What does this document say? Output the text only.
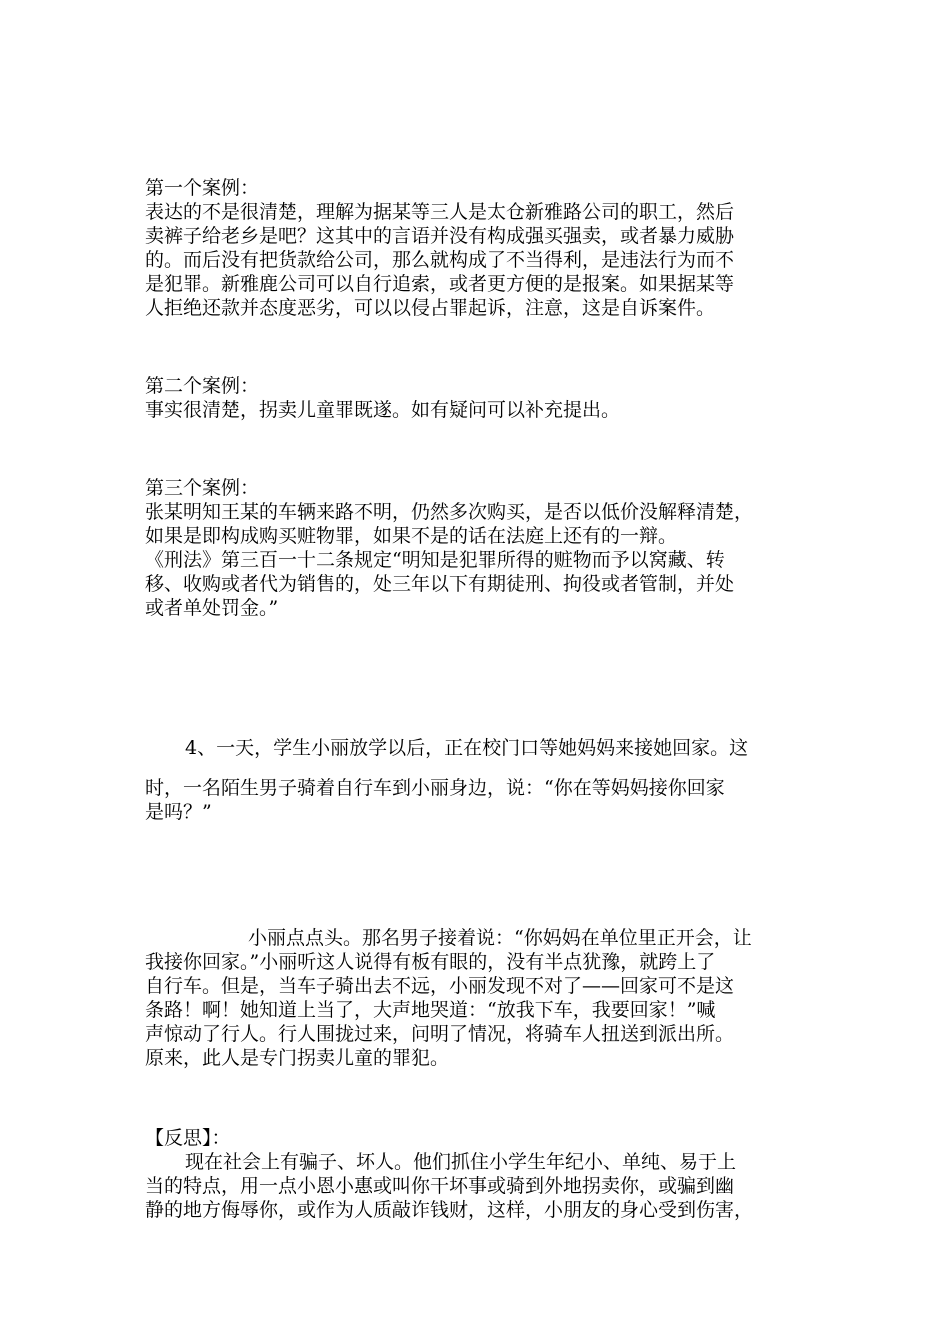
第一个案例：
表达的不是很清楚，理解为据某等三人是太仓新雅路公司的职工，然后
卖裤子给老乡是吧？这其中的言语并没有构成强买强卖，或者暴力威胁
的。而后没有把货款给公司，那么就构成了不当得利，是违法行为而不
是犯罪。新雅鹿公司可以自行追索，或者更方便的是报案。如果据某等
人拒绝还款并态度恶劣，可以以侵占罪起诉，注意，这是自诉案件。
第二个案例：
事实很清楚，拐卖儿童罪既遂。如有疑问可以补充提出。
第三个案例：
张某明知王某的车辆来路不明，仍然多次购买，是否以低价没解释清楚，
如果是即构成购买赃物罪，如果不是的话在法庭上还有的一辩。
《刑法》第三百一十二条规定“明知是犯罪所得的赃物而予以窝藏、转
移、收购或者代为销售的，处三年以下有期徒刑、拘役或者管制，并处
或者单处罚金。”
4、一天，学生小丽放学以后，正在校门口等她妈妈来接她回家。这
时，一名陌生男子骑着自行车到小丽身边，说：“你在等妈妈接你回家
是吗？”
小丽点点头。那名男子接着说：“你妈妈在单位里正开会，让
我接你回家。”小丽听这人说得有板有眼的，没有半点犹豫，就跨上了
自行车。但是，当车子骑出去不远，小丽发现不对了——回家可不是这
条路！啊！她知道上当了，大声地哭道：“放我下车，我要回家！”喊
声惊动了行人。行人围拢过来，问明了情况，将骑车人扭送到派出所。
原来，此人是专门拐卖儿童的罪犯。
【反思】：
现在社会上有骗子、坏人。他们抓住小学生年纪小、单纯、易于上
当的特点，用一点小恩小惠或叫你干坏事或骑到外地拐卖你，或骗到幽
静的地方侮辱你，或作为人质敲诈钱财，这样，小朋友的身心受到伤害，
